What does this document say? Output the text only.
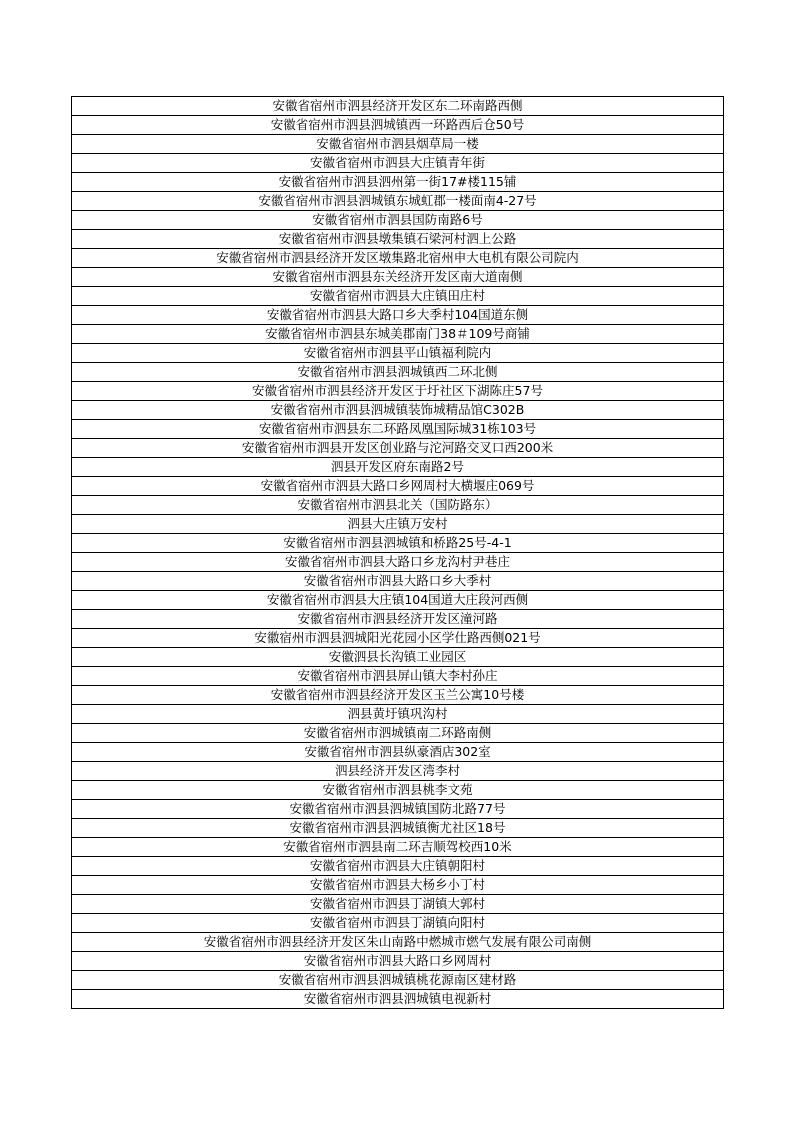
安徽省宿州市泗县经济开发区东二环南路西侧
安徽省宿州市泗县泗城镇西一环路西后仓50号
安徽省宿州市泗县烟草局一楼
安徽省宿州市泗县大庄镇青年街
安徽省宿州市泗县泗州第一街17#楼115铺
安徽省宿州市泗县泗城镇东城虹郡一楼面南4-27号
安徽省宿州市泗县国防南路6号
安徽省宿州市泗县墩集镇石梁河村泗上公路
安徽省宿州市泗县经济开发区墩集路北宿州申大电机有限公司院内
安徽省宿州市泗县东关经济开发区南大道南侧
安徽省宿州市泗县大庄镇田庄村
安徽省宿州市泗县大路口乡大季村104国道东侧
安徽省宿州市泗县东城美郡南门38＃109号商铺
安徽省宿州市泗县平山镇福利院内
安徽省宿州市泗县泗城镇西二环北侧
安徽省宿州市泗县经济开发区于圩社区下湖陈庄57号
安徽省宿州市泗县泗城镇装饰城精品馆C302B
安徽省宿州市泗县东二环路凤凰国际城31栋103号
安徽省宿州市泗县开发区创业路与沱河路交叉口西200米
泗县开发区府东南路2号
安徽省宿州市泗县大路口乡网周村大横堰庄069号
安徽省宿州市泗县北关（国防路东）
泗县大庄镇万安村
安徽省宿州市泗县泗城镇和桥路25号-4-1
安徽省宿州市泗县大路口乡龙沟村尹巷庄
安徽省宿州市泗县大路口乡大季村
安徽省宿州市泗县大庄镇104国道大庄段河西侧
安徽省宿州市泗县经济开发区潼河路
安徽宿州市泗县泗城阳光花园小区学仕路西侧021号
安徽泗县长沟镇工业园区
安徽省宿州市泗县屏山镇大李村孙庄
安徽省宿州市泗县经济开发区玉兰公寓10号楼
泗县黄圩镇巩沟村
安徽省宿州市泗城镇南二环路南侧
安徽省宿州市泗县纵豪酒店302室
泗县经济开发区湾李村
安徽省宿州市泗县桃李文苑
安徽省宿州市泗县泗城镇国防北路77号
安徽省宿州市泗县泗城镇衡尤社区18号
安徽省宿州市泗县南二环吉顺驾校西10米
安徽省宿州市泗县大庄镇朝阳村
安徽省宿州市泗县大杨乡小丁村
安徽省宿州市泗县丁湖镇大郭村
安徽省宿州市泗县丁湖镇向阳村
安徽省宿州市泗县经济开发区朱山南路中燃城市燃气发展有限公司南侧
安徽省宿州市泗县大路口乡网周村
安徽省宿州市泗县泗城镇桃花源南区建材路
安徽省宿州市泗县泗城镇电视新村
